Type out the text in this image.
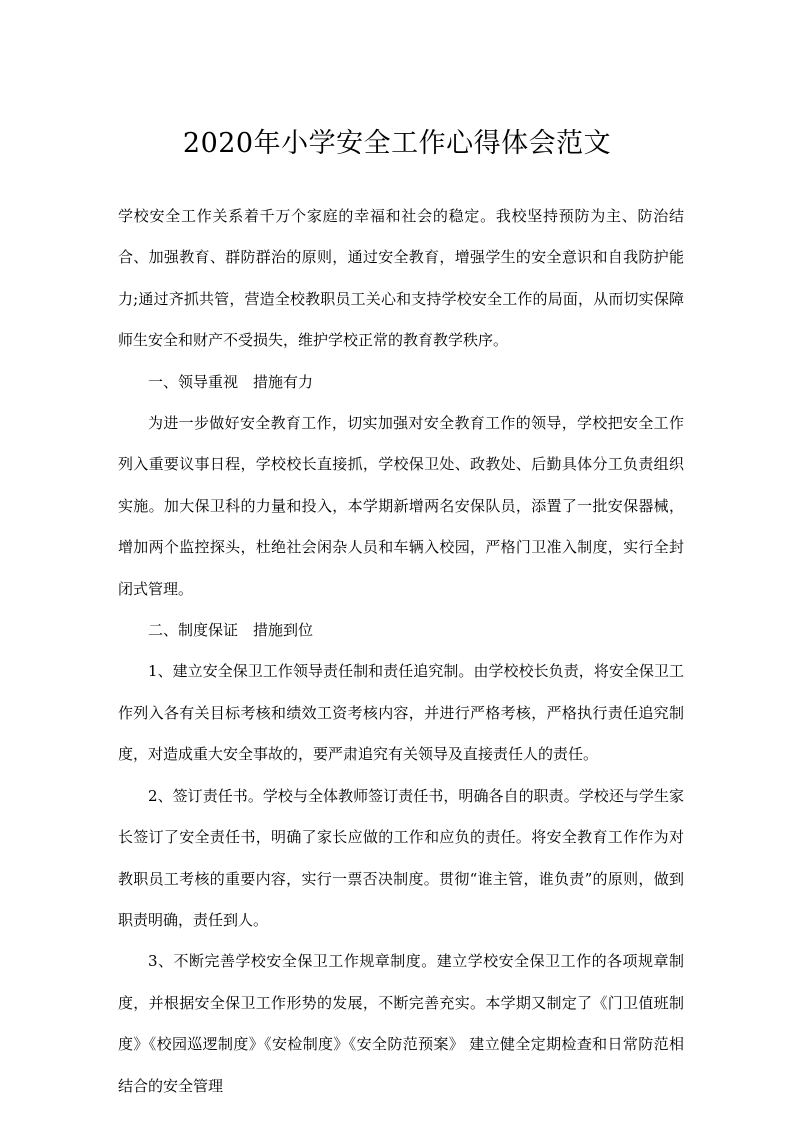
2020年小学安全工作心得体会范文

学校安全工作关系着千万个家庭的幸福和社会的稳定。我校坚持预防为主、防治结合、加强教育、群防群治的原则，通过安全教育，增强学生的安全意识和自我防护能力;通过齐抓共管，营造全校教职员工关心和支持学校安全工作的局面，从而切实保障师生安全和财产不受损失，维护学校正常的教育教学秩序。

一、领导重视　措施有力

为进一步做好安全教育工作，切实加强对安全教育工作的领导，学校把安全工作列入重要议事日程，学校校长直接抓，学校保卫处、政教处、后勤具体分工负责组织实施。加大保卫科的力量和投入，本学期新增两名安保队员，添置了一批安保器械，增加两个监控探头，杜绝社会闲杂人员和车辆入校园，严格门卫准入制度，实行全封闭式管理。

二、制度保证　措施到位

1、建立安全保卫工作领导责任制和责任追究制。由学校校长负责，将安全保卫工作列入各有关目标考核和绩效工资考核内容，并进行严格考核，严格执行责任追究制度，对造成重大安全事故的，要严肃追究有关领导及直接责任人的责任。

2、签订责任书。学校与全体教师签订责任书，明确各自的职责。学校还与学生家长签订了安全责任书，明确了家长应做的工作和应负的责任。将安全教育工作作为对教职员工考核的重要内容，实行一票否决制度。贯彻“谁主管，谁负责”的原则，做到职责明确，责任到人。

3、不断完善学校安全保卫工作规章制度。建立学校安全保卫工作的各项规章制度，并根据安全保卫工作形势的发展，不断完善充实。本学期又制定了《门卫值班制度》《校园巡逻制度》《安检制度》《安全防范预案》 建立健全定期检查和日常防范相结合的安全管理
